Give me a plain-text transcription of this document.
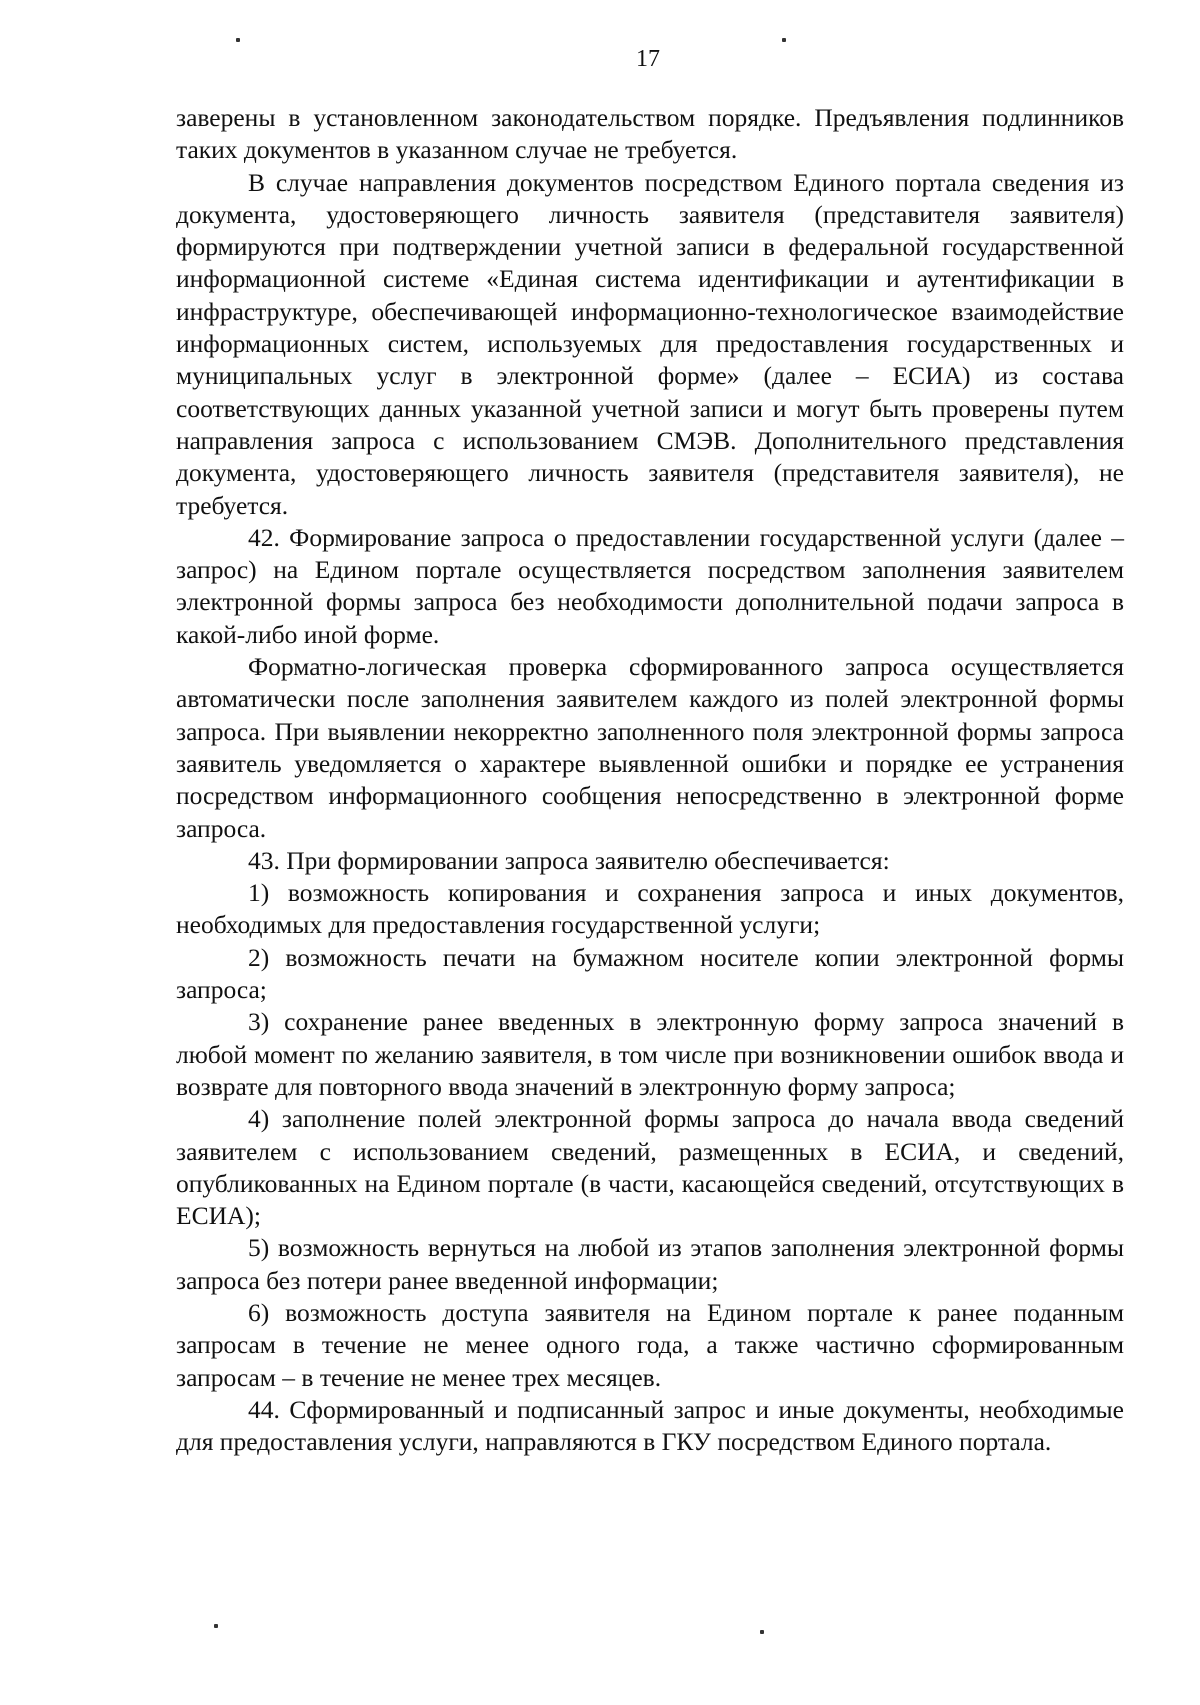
17

заверены в установленном законодательством порядке. Предъявления подлинников таких документов в указанном случае не требуется.

В случае направления документов посредством Единого портала сведения из документа, удостоверяющего личность заявителя (представителя заявителя) формируются при подтверждении учетной записи в федеральной государственной информационной системе «Единая система идентификации и аутентификации в инфраструктуре, обеспечивающей информационно-технологическое взаимодействие информационных систем, используемых для предоставления государственных и муниципальных услуг в электронной форме» (далее – ЕСИА) из состава соответствующих данных указанной учетной записи и могут быть проверены путем направления запроса с использованием СМЭВ. Дополнительного представления документа, удостоверяющего личность заявителя (представителя заявителя), не требуется.

42. Формирование запроса о предоставлении государственной услуги (далее – запрос) на Едином портале осуществляется посредством заполнения заявителем электронной формы запроса без необходимости дополнительной подачи запроса в какой-либо иной форме.

Форматно-логическая проверка сформированного запроса осуществляется автоматически после заполнения заявителем каждого из полей электронной формы запроса. При выявлении некорректно заполненного поля электронной формы запроса заявитель уведомляется о характере выявленной ошибки и порядке ее устранения посредством информационного сообщения непосредственно в электронной форме запроса.

43. При формировании запроса заявителю обеспечивается:

1) возможность копирования и сохранения запроса и иных документов, необходимых для предоставления государственной услуги;

2) возможность печати на бумажном носителе копии электронной формы запроса;

3) сохранение ранее введенных в электронную форму запроса значений в любой момент по желанию заявителя, в том числе при возникновении ошибок ввода и возврате для повторного ввода значений в электронную форму запроса;

4) заполнение полей электронной формы запроса до начала ввода сведений заявителем с использованием сведений, размещенных в ЕСИА, и сведений, опубликованных на Едином портале (в части, касающейся сведений, отсутствующих в ЕСИА);

5) возможность вернуться на любой из этапов заполнения электронной формы запроса без потери ранее введенной информации;

6) возможность доступа заявителя на Едином портале к ранее поданным запросам в течение не менее одного года, а также частично сформированным запросам – в течение не менее трех месяцев.

44. Сформированный и подписанный запрос и иные документы, необходимые для предоставления услуги, направляются в ГКУ посредством Единого портала.
